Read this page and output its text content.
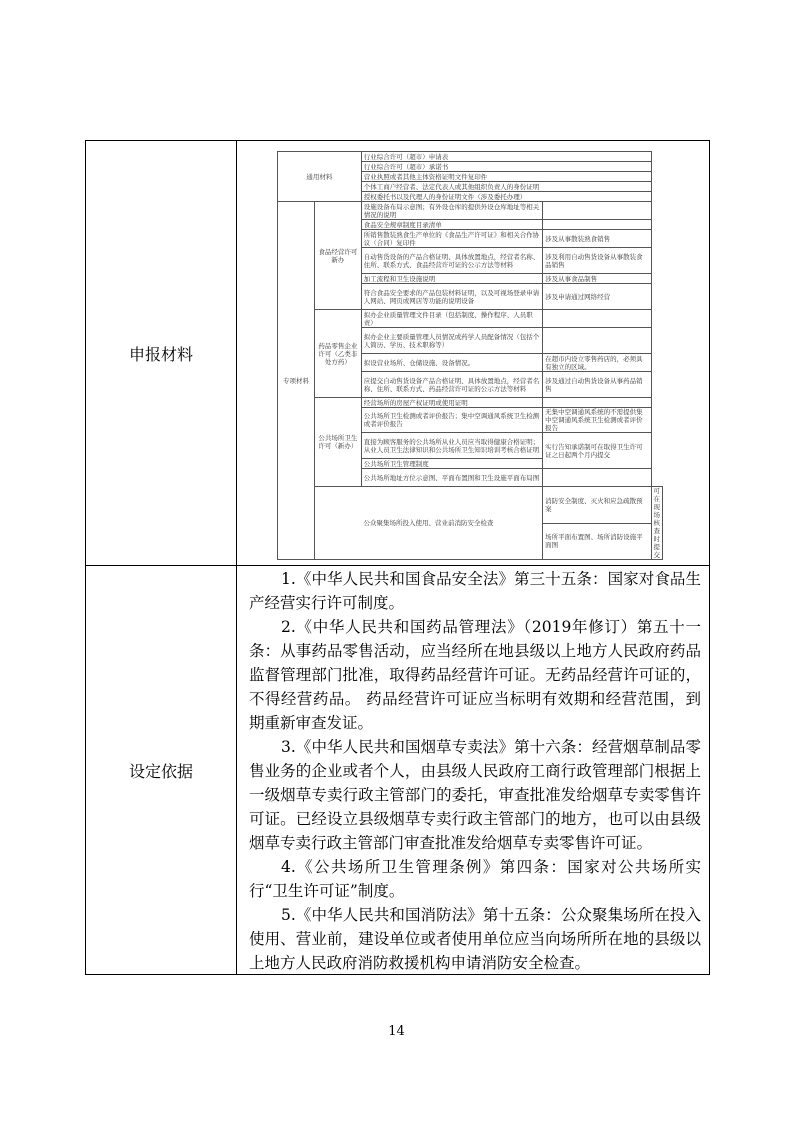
申报材料
通用材料		行业综合许可（超市）申请表		
		行业综合许可（超市）承诺书		
		营业执照或者其他主体资格证明文件复印件		
		个体工商户经营者、法定代表人或其他组织负责人的身份证明		
		授权委托书以及代理人的身份证明文件（涉及委托办理）		
专项材料	食品经营许可新办	设施设备布局示意图；有外设仓库的提供外设仓库地址等相关情况的说明		
		食品安全规章制度目录清单		
		所销售散装熟食生产单位的《食品生产许可证》和相关合作协议（合同）复印件	涉及从事散装熟食销售	
		自动售货设备的产品合格证明、具体放置地点，经营者名称、住所、联系方式、食品经营许可证的公示方法等材料	涉及利用自动售货设备从事散装食品销售	
		加工流程和卫生设施说明	涉及从事食品制售	
		符合食品安全要求的产品包装材料证明，以及可视场登录申请人网站、网页或网店等功能的说明设备	涉及申请通过网络经营	
	药品零售企业许可（乙类非处方药）	拟办企业质量管理文件目录（包括制度、操作程序、人员职责）		
		拟办企业主要质量管理人员情况或药学人员配备情况（包括个人简历、学历、技术职称等）		
		拟设营业场所、仓储设施、设备情况。	在超市内设立零售药店的，必须具有独立的区域。	
		应提交自动售货设备产品合格证明、具体放置地点，经营者名称、住所、联系方式、药品经营许可证的公示方法等材料	涉及通过自动售货设备从事药品销售	
	公共场所卫生许可（新办）	经营场所的房屋产权证明或使用证明		
		公共场所卫生检测或者评价报告；集中空调通风系统卫生检测或者评价报告	无集中空调通风系统的不需提供集中空调通风系统卫生检测或者评价报告	
		直接为顾客服务的公共场所从业人员应当取得健康合格证明；从业人员卫生法律知识和公共场所卫生知识培训考核合格证明	实行告知承诺制可在取得卫生许可证之日起两个月内提交	
		公共场所卫生管理制度		
		公共场所地址方位示意图、平面布置图和卫生设施平面布局图		
	公众聚集场所投入使用、营业前消防安全检查		消防安全制度、灭火和应急疏散预案	可在现场核查时提交
			场所平面布置图、场所消防设施平面图	
设定依据

1.《中华人民共和国食品安全法》第三十五条：国家对食品生产经营实行许可制度。

2.《中华人民共和国药品管理法》（2019年修订）第五十一条：从事药品零售活动，应当经所在地县级以上地方人民政府药品监督管理部门批准，取得药品经营许可证。无药品经营许可证的，不得经营药品。 药品经营许可证应当标明有效期和经营范围，到期重新审查发证。

3.《中华人民共和国烟草专卖法》第十六条：经营烟草制品零售业务的企业或者个人，由县级人民政府工商行政管理部门根据上一级烟草专卖行政主管部门的委托，审查批准发给烟草专卖零售许可证。已经设立县级烟草专卖行政主管部门的地方，也可以由县级烟草专卖行政主管部门审查批准发给烟草专卖零售许可证。

4.《公共场所卫生管理条例》第四条：国家对公共场所实行“卫生许可证”制度。

5.《中华人民共和国消防法》第十五条：公众聚集场所在投入使用、营业前，建设单位或者使用单位应当向场所所在地的县级以上地方人民政府消防救援机构申请消防安全检查。

14
